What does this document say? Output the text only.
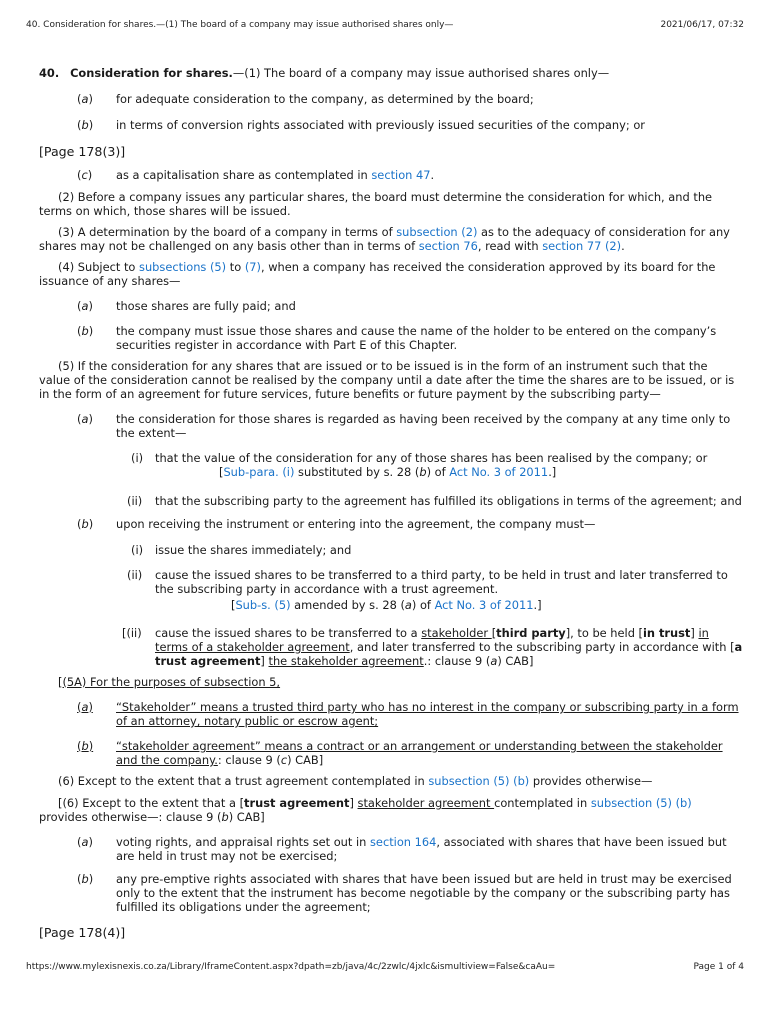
40. Consideration for shares.—(1) The board of a company may issue authorised shares only—	2021/06/17, 07:32
40. Consideration for shares.—(1) The board of a company may issue authorised shares only—
(a) for adequate consideration to the company, as determined by the board;
(b) in terms of conversion rights associated with previously issued securities of the company; or
[Page 178(3)]
(c) as a capitalisation share as contemplated in section 47.
(2) Before a company issues any particular shares, the board must determine the consideration for which, and the
terms on which, those shares will be issued.
(3) A determination by the board of a company in terms of subsection (2) as to the adequacy of consideration for any
shares may not be challenged on any basis other than in terms of section 76, read with section 77 (2).
(4) Subject to subsections (5) to (7), when a company has received the consideration approved by its board for the
issuance of any shares—
(a) those shares are fully paid; and
(b) the company must issue those shares and cause the name of the holder to be entered on the company’s
securities register in accordance with Part E of this Chapter.
(5) If the consideration for any shares that are issued or to be issued is in the form of an instrument such that the
value of the consideration cannot be realised by the company until a date after the time the shares are to be issued, or is
in the form of an agreement for future services, future benefits or future payment by the subscribing party—
(a) the consideration for those shares is regarded as having been received by the company at any time only to
the extent—
(i) that the value of the consideration for any of those shares has been realised by the company; or
[Sub-para. (i) substituted by s. 28 (b) of Act No. 3 of 2011.]
(ii) that the subscribing party to the agreement has fulfilled its obligations in terms of the agreement; and
(b) upon receiving the instrument or entering into the agreement, the company must—
(i) issue the shares immediately; and
(ii) cause the issued shares to be transferred to a third party, to be held in trust and later transferred to
the subscribing party in accordance with a trust agreement.
[Sub-s. (5) amended by s. 28 (a) of Act No. 3 of 2011.]
[(ii) cause the issued shares to be transferred to a stakeholder [third party], to be held [in trust] in
terms of a stakeholder agreement, and later transferred to the subscribing party in accordance with [a
trust agreement] the stakeholder agreement.: clause 9 (a) CAB]
[(5A) For the purposes of subsection 5,
(a) “Stakeholder” means a trusted third party who has no interest in the company or subscribing party in a form
of an attorney, notary public or escrow agent;
(b) “stakeholder agreement” means a contract or an arrangement or understanding between the stakeholder
and the company.: clause 9 (c) CAB]
(6) Except to the extent that a trust agreement contemplated in subsection (5) (b) provides otherwise—
[(6) Except to the extent that a [trust agreement] stakeholder agreement contemplated in subsection (5) (b)
provides otherwise—: clause 9 (b) CAB]
(a) voting rights, and appraisal rights set out in section 164, associated with shares that have been issued but
are held in trust may not be exercised;
(b) any pre-emptive rights associated with shares that have been issued but are held in trust may be exercised
only to the extent that the instrument has become negotiable by the company or the subscribing party has
fulfilled its obligations under the agreement;
[Page 178(4)]
https://www.mylexisnexis.co.za/Library/IframeContent.aspx?dpath=zb/java/4c/2zwlc/4jxlc&ismultiview=False&caAu=	Page 1 of 4
